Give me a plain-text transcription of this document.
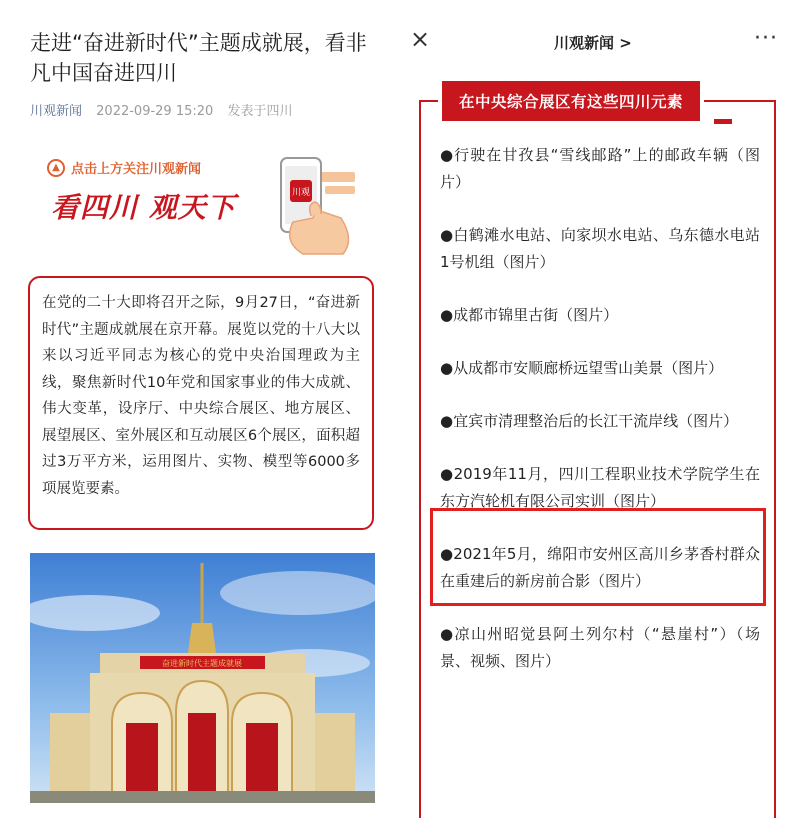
走进“奋进新时代”主题成就展，看非凡中国奋进四川
川观新闻 2022-09-29 15:20 发表于四川
▲ 点击上方关注川观新闻
看四川 观天下	川观
在党的二十大即将召开之际，9月27日，“奋进新时代”主题成就展在京开幕。展览以党的十八大以来以习近平同志为核心的党中央治国理政为主线，聚焦新时代10年党和国家事业的伟大成就、伟大变革，设序厅、中央综合展区、地方展区、展望展区、室外展区和互动展区6个展区，面积超过3万平方米，运用图片、实物、模型等6000多项展览要素。
奋进新时代主题成就展
×	川观新闻 >	···
在中央综合展区有这些四川元素
●行驶在甘孜县“雪线邮路”上的邮政车辆（图片）
●白鹤滩水电站、向家坝水电站、乌东德水电站1号机组（图片）
●成都市锦里古街（图片）
●从成都市安顺廊桥远望雪山美景（图片）
●宜宾市清理整治后的长江干流岸线（图片）
●2019年11月，四川工程职业技术学院学生在东方汽轮机有限公司实训（图片）
●2021年5月，绵阳市安州区高川乡茅香村群众在重建后的新房前合影（图片）
●凉山州昭觉县阿土列尔村（“悬崖村”）（场景、视频、图片）
